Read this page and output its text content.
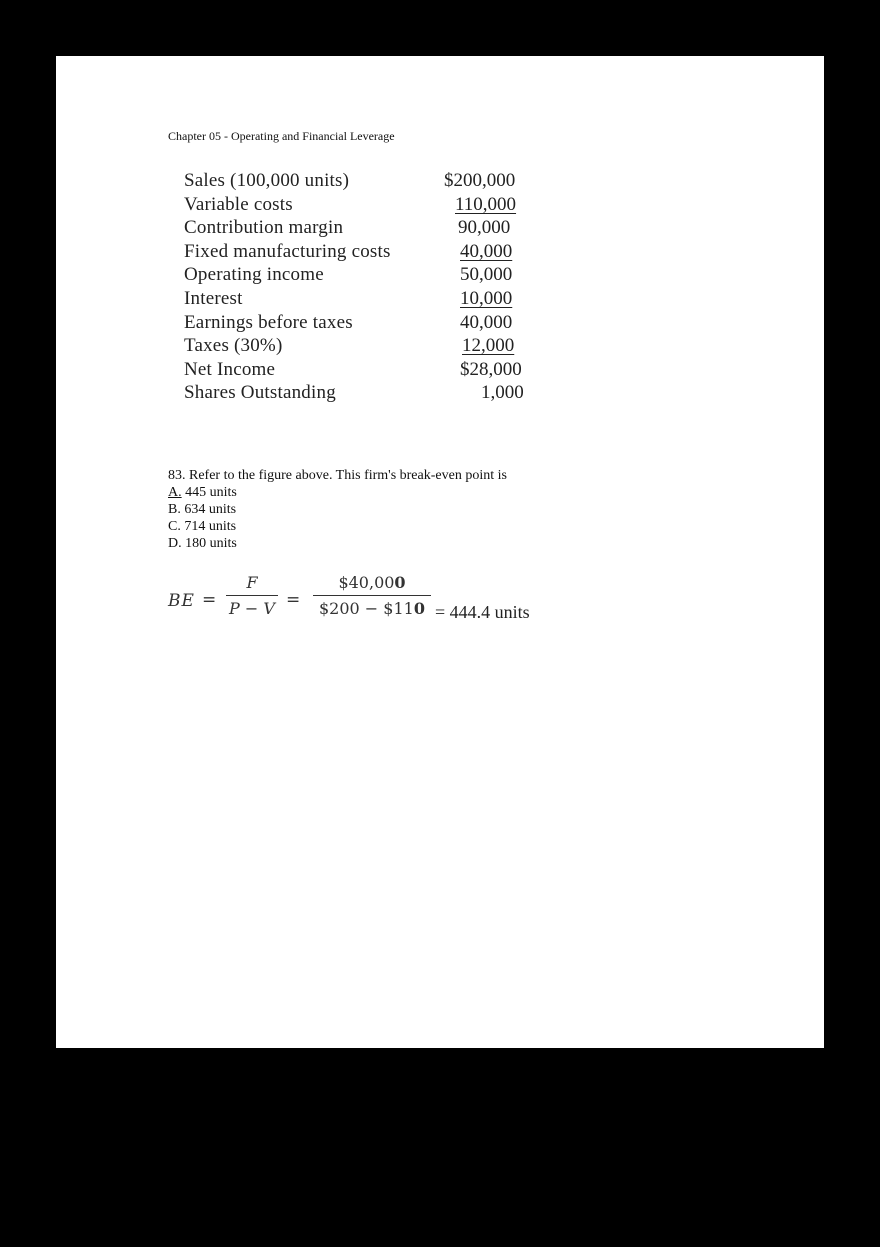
Chapter 05 - Operating and Financial Leverage
Sales (100,000 units)	$200,000
Variable costs	110,000
Contribution margin	90,000
Fixed manufacturing costs	40,000
Operating income	50,000
Interest	10,000
Earnings before taxes	40,000
Taxes (30%)	12,000
Net Income	$28,000
Shares Outstanding	1,000
83. Refer to the figure above. This firm's break-even point is
A. 445 units
B. 634 units
C. 714 units
D. 180 units
BE =
F
P − V =
$40,000
$200 − $110 = 444.4 units
